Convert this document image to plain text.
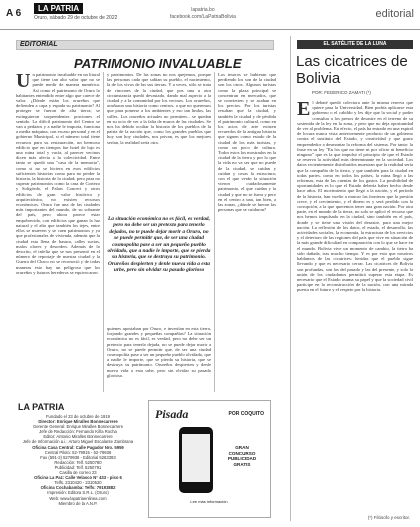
A 6	LA PATRIA
Oruro, sábado 29 de octubre de 2022
lapatria.bo
facebook.com/LaPatriaBolivia	editorial
EDITORIAL
PATRIMONIO INVALUABLE
U n patrimonio invaluable en un litoral que tiene tan alto valor que no se puede medir de manera numérica. Así como el patrimonio de Oruro lo habitantes entendido entre algo que carece de valor. ¿Dónde están los orureños que defienden a capa y espada su patrimonio? Al proteger se fueron de alta tierra; se extinguieron sorprendentes porciones el sentido. La difícil patrimonio del Centro se van a pedazos y a nadie le importa, funciona a media máquina, con escaso personal y en el gobierno Municipal, si el número total tiene recursos para su restauración, un hermoso edificio que en tiempos fue hotel de lujo es una ruina total y vacía, al parecer vecinos dicen más afecta a la colectividad. Entre tanto se quedó una "casa de la memoria", como si no se hiciera en esos edificios suficientes historias como para no perder la historia, la historia de la ciudad; pero para no cuperar patrimonios como la casa de Cortezo y Soligórdo, el Palais Concert y otros edificios de gran valor histórico y arquitectónico, no existen recursos económicos. Oruro fue una de las ciudades más importantes del mundo, de su sobrante del país, pero ahora parece estar empobrecida, con edificios que ganan la luz natural y el alto que también los tejes, entre ellos se mueven y se caen patrimonios y ya que profesionales de vivienda, además que la ciudad esta llena de basura, calles sucias, malos olores y desorden. Además de lo descrito, el infeliz que se nos presentó en el número de reportaje de nuestra ciudad y la Guerra del Chaco no se reconoció y de todas maneras esto hay un pelígroso que los orureños y futuros herederos se equivocaron.
y patrimonios. De las zonas no nos quejemos, porque las personas cada que sabían su pueblo, el nacimiento, la de los vivos de las sus tierras. Y a veces, sólo se trata de rincones de la ciudad, que pos una u otra circunstancia quedó devastado, dando mal aspecto a la ciudad y a la comunidad por los vecinos. Los orureños, acuñaron una historia como centros, a que no queremos que para ponerse a los ambientes y eso tan lindos, las calles. Los orureños actuales no permiten... se quedan en su ocio de ver a la falta de muros de las ciudades. Se nos ha debido ocultar la historia de los pueblos de la patria de la nación que, como los grandes pueblos que hoy son hoy ciudades, nos privan, es que los mejores serían, la realidad sería otra.
La situación económica no es fácil, es verdad, pero no debe ser un pretexto para tenerlo dejados, no te puede dejar morir a Oruro, no se puede permitir que, de ser una ciudad cosmopolita pase a ser un pequeño pueblo olvidado, que a nadie le importe, que se pierda su historia, que se destruya su patrimonio. Orureños despierten y denle nueva vida a esta urbe, pero sin olvidar su pasado glorioso
quienes apostaban por Oruro, e invertían en esta tierra, forjando grandes y pequeñas compañías? La situación económica no es fácil, es verdad, pero no debe ser un pretexto para tenerla dejada, no se puede dejar morir a Oruro, no se puede permitir que, de ser una ciudad cosmopolita pase a ser un pequeño pueblo olvidado, que a nadie le importe, que se pierda su historia, que se destruya su patrimonio. Orureños despierten y denle nueva vida a esta urbe, pero sin olvidar su pasado glorioso.
Los tesoros se hubieran que perdiendo los son de la ciudad son los otros. Algunos turistas como la plaza principal se concentran en mercados, que se convierten y se acaban en los precios. Por los turistas resultan que la ciudad, y también la ciudad y de pérdida el patrimonio cultural, como en los actos de arte existen recuerdos de la antigua historia que siguen como estado de la ciudad de los más turistas, y como un poco de cultura. Todos estos los mostrados en la ciudad de la tierra y por lo que la vida no va ser que no puede de la ciudad, se cuidan y cuidan y cosas la estructura; con el que verán la situación vieron cuidadosamente patrimonio, el que cuidan y la ciudad y que no se fuera y pero en el centro a una, tan bien, a las zonas. ¿dónde se fueron las personas que se cuidaron?
EL SATÉLITE DE LA LUNA
Las cicatrices de Bolivia
POR: FEDERICO ZAMATI (*)
E l debaté quedó colectora ante la misma reserva que quiere para la Universidad. Bien podría aplicarse esta gobierno o el cabildo y les dije que la social y poder consultar a los presos de desastre en el terreno de su sostenida de la ley en la zona, y pero que no deja oportunidad de ver al problema. En efecto, el país ha entrado en una espiral de locura nunca vista anteriormente producto de un gobierno contra el sustituto del Estado, y creatividad y que gusto emprendedor a desmontar la reforma del sistema. Por tanto: la frase en su ley "En los que no tiene ni por oficio ni beneficio ninguno" que es la que impulsó el principio de que el Estado se reserva la actividad más determinante en la sociedad. Los datos recientemente distribuidos muestran que la realidad sería que la compañía de la tierra, y que también para la ciudad en todas partes, como en todos los países, la ruina llegó a las reformas, esta de las cuentas de los gastos. La posibilidad de oportunidades es lo que el Estado debería haber hecho desde hace años. El movimiento que llegó a la nación, y el período de la historia, han vuelto a marcar las fronteras que la presión crece, y el crecimiento, y el dinero es y será perdido con la corrupción, a la que queremos tener una gran nación. Por otra parte, en el mundo de la tierra, no solo se aplicó el recurso que nos hemos impulsado en la ciudad, sino también en el país, donde y se tiene una visión del desastre, para una mejor nación. La reflexión de los datos, el estado, el desarrollo, las actividades sociales, la economía, la estructura de los servicios y el deterioro de las regiones del país que vive en situación de la más grande dificultad en comparación con lo que se hace en el mundo. Bolivia vive un momento de cambio, la tierra ha sido dañada, tras mucho tiempo. Y es por esto que nosotros hablamos de las cicatrices: heridas que el pueblo sigue llevando y que es necesario cerrar. Las cicatrices de Bolivia son profundas, son las del pasado y las del presente, y solo la unión de los ciudadanos permitirá superar esta etapa. Es necesario que el Estado asuma su papel y que la sociedad civil participe en la reconstrucción de la nación, con una mirada puesta en el futuro y el respeto por la historia.
(*) Filósofo y escritor.
LA PATRIA
Fundado el 23 de octubre de 1919
Director: Enrique Miralles Bonnecarrere
Gerente General: Enrique Miralles Bonnecarrere
Jefe de Redacción: Fernando Kiña Rocha
Editor: Antonio Miralles Bonnecarrere
Jefe de Información a.i.: Arturo Miguel Escalante Zambrana
Oficina Casa Central: Calle Pagador Nro. 5959
Central Piloto: 52-79915 - 52-79936
Fax (591-2) 5279936 - Editorial 5263393
Redacción: Telf. 5250780
Publicidad: Telf. 5250791
Casilla de correo 23
Oficina La Paz: Calle Velasco N° 433 - piso 6
Telfs. 2310420 - 2310520
Oficina Cochabamba: Telfs: 79193882
Impresión: Editora S.R.L. (Oruro)
Web: www.lapatriaenlinea.com
Miembro de la A.N.P.
Pisada	POR COQUITO
GRAN
CONCURSO
PUBLICIDAD
GRATIS
Lee más información
